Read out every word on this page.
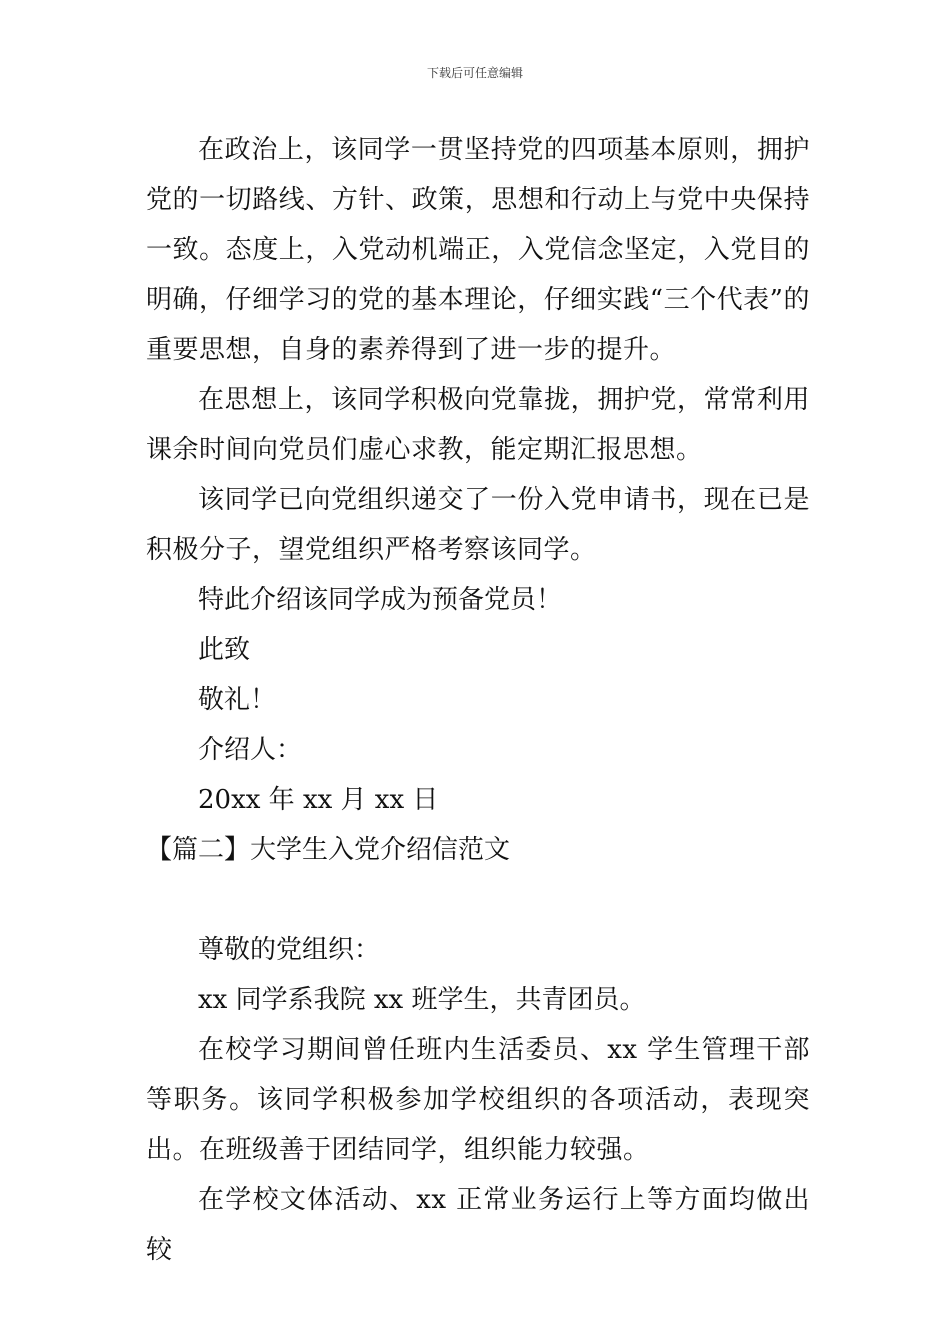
下载后可任意编辑

在政治上，该同学一贯坚持党的四项基本原则，拥护党的一切路线、方针、政策，思想和行动上与党中央保持一致。态度上，入党动机端正，入党信念坚定，入党目的明确，仔细学习的党的基本理论，仔细实践“三个代表”的重要思想，自身的素养得到了进一步的提升。

在思想上，该同学积极向党靠拢，拥护党，常常利用课余时间向党员们虚心求教，能定期汇报思想。

该同学已向党组织递交了一份入党申请书，现在已是积极分子，望党组织严格考察该同学。

特此介绍该同学成为预备党员！

此致

敬礼！

介绍人：

20xx 年 xx 月 xx 日

【篇二】大学生入党介绍信范文

尊敬的党组织：

xx 同学系我院 xx 班学生，共青团员。

在校学习期间曾任班内生活委员、xx 学生管理干部等职务。该同学积极参加学校组织的各项活动，表现突出。在班级善于团结同学，组织能力较强。

在学校文体活动、xx 正常业务运行上等方面均做出较
